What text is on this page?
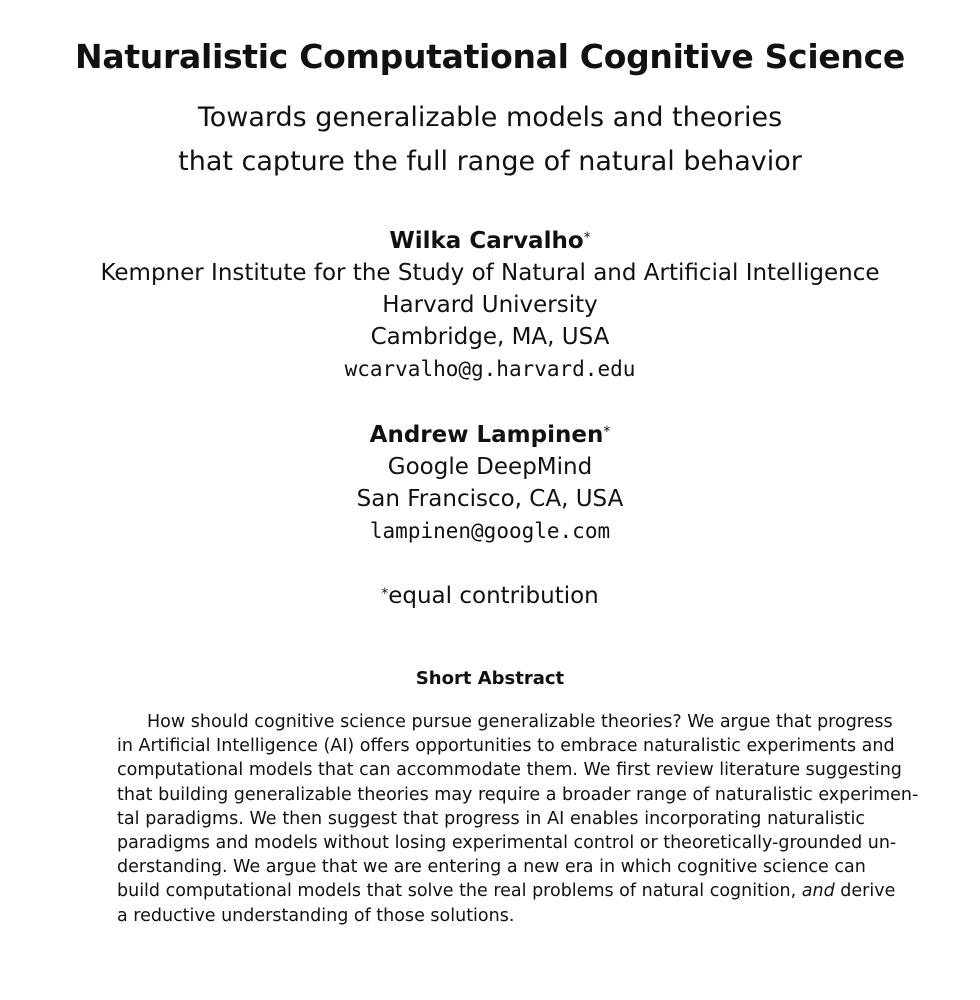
Naturalistic Computational Cognitive Science
Towards generalizable models and theories
that capture the full range of natural behavior
Wilka Carvalho*
Kempner Institute for the Study of Natural and Artificial Intelligence
Harvard University
Cambridge, MA, USA
wcarvalho@g.harvard.edu
Andrew Lampinen*
Google DeepMind
San Francisco, CA, USA
lampinen@google.com
*equal contribution
Short Abstract
How should cognitive science pursue generalizable theories? We argue that progress
in Artificial Intelligence (AI) offers opportunities to embrace naturalistic experiments and
computational models that can accommodate them. We first review literature suggesting
that building generalizable theories may require a broader range of naturalistic experimen-
tal paradigms. We then suggest that progress in AI enables incorporating naturalistic
paradigms and models without losing experimental control or theoretically-grounded un-
derstanding. We argue that we are entering a new era in which cognitive science can
build computational models that solve the real problems of natural cognition, and derive
a reductive understanding of those solutions.
